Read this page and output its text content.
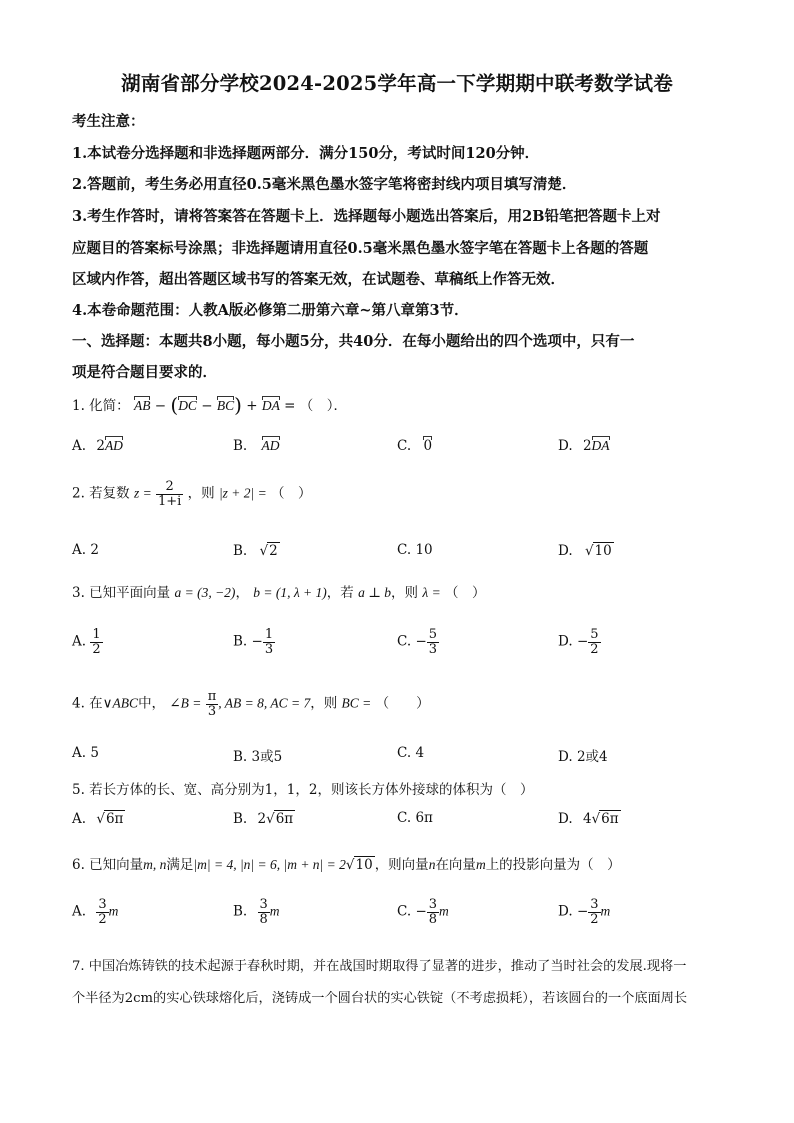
湖南省部分学校2024-2025学年高一下学期期中联考数学试卷
考生注意：
1.本试卷分选择题和非选择题两部分．满分150分，考试时间120分钟．
2.答题前，考生务必用直径0.5毫米黑色墨水签字笔将密封线内项目填写清楚．
3.考生作答时，请将答案答在答题卡上．选择题每小题选出答案后，用2B铅笔把答题卡上对
应题目的答案标号涂黑；非选择题请用直径0.5毫米黑色墨水签字笔在答题卡上各题的答题
区域内作答，超出答题区域书写的答案无效，在试题卷、草稿纸上作答无效．
4.本卷命题范围：人教A版必修第二册第六章~第八章第3节．
一、选择题：本题共8小题，每小题5分，共40分．在每小题给出的四个选项中，只有一
项是符合题目要求的．
1. 化简： AB − (DC − BC) + DA = （　）．
A. 2AD	B. AD	C. 0	D. 2DA
2. 若复数 $z = \frac{2}{1+i}$ ，则 |z + 2| = （　）
A. 2	B. √2	C. 10	D. √10
3. 已知平面向量 a = (3, −2)， b = (1, λ + 1)，若 a ⊥ b，则 λ = （　）
A. $\frac{1}{2}$	B. − $\frac{1}{3}$	C. − $\frac{5}{3}$	D. − $\frac{5}{2}$
4. 在∨ABC中， ∠B = $\frac{\pi}{3}$ , AB = 8, AC = 7，则 BC = （　　）
A. 5	B. 3或5	C. 4	D. 2或4
5. 若长方体的长、宽、高分别为1，1，2，则该长方体外接球的体积为（　）
A. √6π	B. 2√6π	C. 6π	D. 4√6π
6. 已知向量m, n满足|m| = 4, |n| = 6, |m + n| = 2√10 ，则向量n在向量m上的投影向量为（　）
A. $\frac{3}{2}$ m	B. $\frac{3}{8}$ m	C. − $\frac{3}{8}$ m	D. − $\frac{3}{2}$ m
7. 中国冶炼铸铁的技术起源于春秋时期，并在战国时期取得了显著的进步，推动了当时社会的发展.现将一
个半径为2cm的实心铁球熔化后，浇铸成一个圆台状的实心铁锭（不考虑损耗），若该圆台的一个底面周长
